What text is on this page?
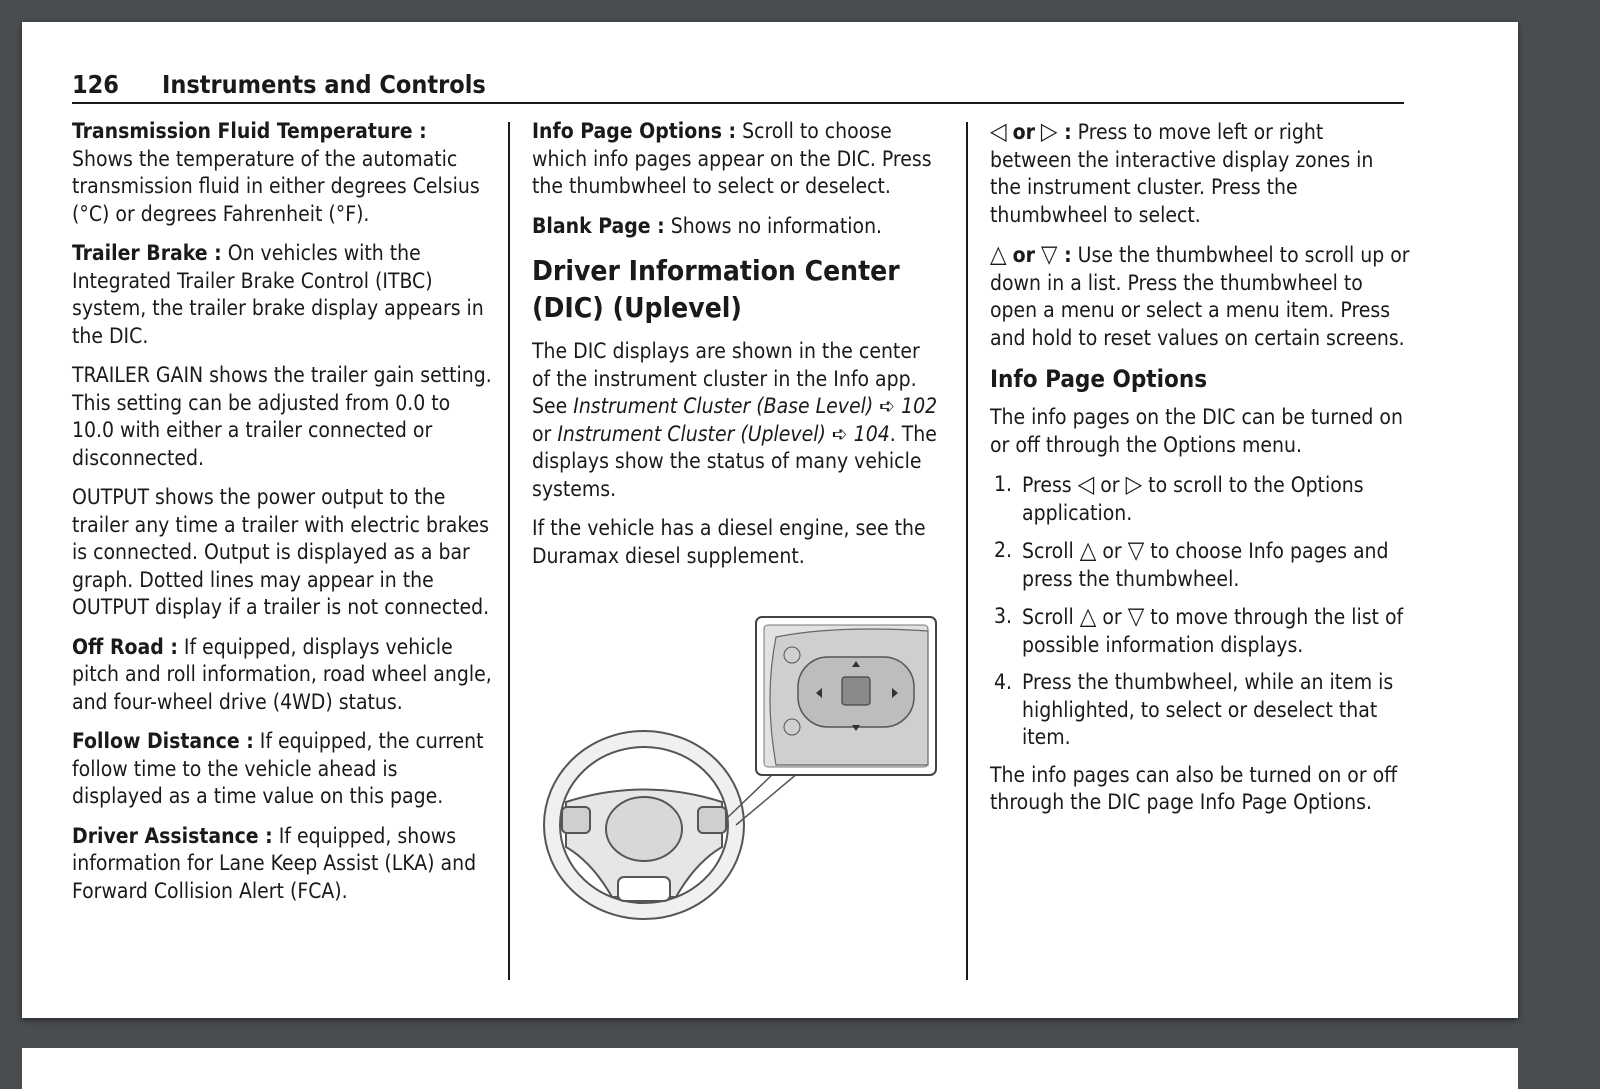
126 Instruments and Controls

Transmission Fluid Temperature : Shows the temperature of the automatic transmission fluid in either degrees Celsius (°C) or degrees Fahrenheit (°F).

Trailer Brake : On vehicles with the Integrated Trailer Brake Control (ITBC) system, the trailer brake display appears in the DIC.

TRAILER GAIN shows the trailer gain setting. This setting can be adjusted from 0.0 to 10.0 with either a trailer connected or disconnected.

OUTPUT shows the power output to the trailer any time a trailer with electric brakes is connected. Output is displayed as a bar graph. Dotted lines may appear in the OUTPUT display if a trailer is not connected.

Off Road : If equipped, displays vehicle pitch and roll information, road wheel angle, and four-wheel drive (4WD) status.

Follow Distance : If equipped, the current follow time to the vehicle ahead is displayed as a time value on this page.

Driver Assistance : If equipped, shows information for Lane Keep Assist (LKA) and Forward Collision Alert (FCA).

Info Page Options : Scroll to choose which info pages appear on the DIC. Press the thumbwheel to select or deselect.

Blank Page : Shows no information.

Driver Information Center (DIC) (Uplevel)

The DIC displays are shown in the center of the instrument cluster in the Info app. See Instrument Cluster (Base Level) ➪ 102 or Instrument Cluster (Uplevel) ➪ 104. The displays show the status of many vehicle systems.

If the vehicle has a diesel engine, see the Duramax diesel supplement.

◁ or ▷ : Press to move left or right between the interactive display zones in the instrument cluster. Press the thumbwheel to select.

△ or ▽ : Use the thumbwheel to scroll up or down in a list. Press the thumbwheel to open a menu or select a menu item. Press and hold to reset values on certain screens.

Info Page Options

The info pages on the DIC can be turned on or off through the Options menu.

1. Press ◁ or ▷ to scroll to the Options application.
2. Scroll △ or ▽ to choose Info pages and press the thumbwheel.
3. Scroll △ or ▽ to move through the list of possible information displays.
4. Press the thumbwheel, while an item is highlighted, to select or deselect that item.

The info pages can also be turned on or off through the DIC page Info Page Options.
